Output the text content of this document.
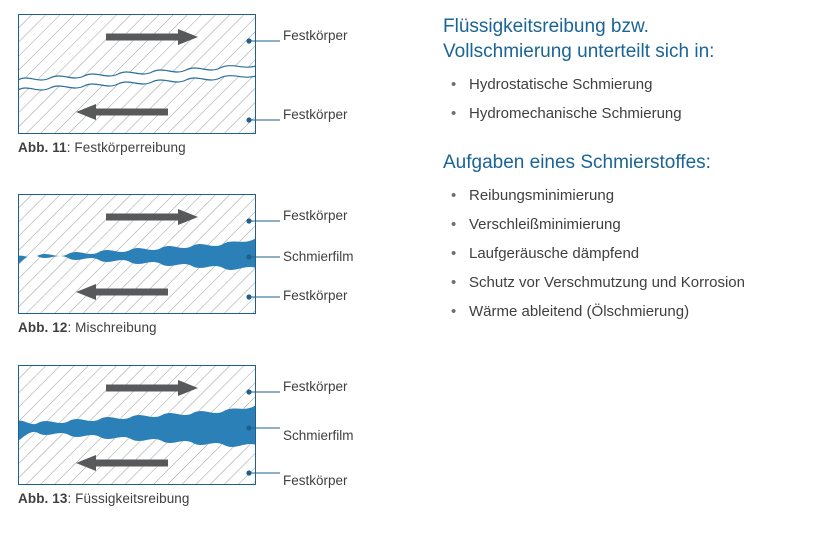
Abb. 11: Festkörperreibung
Festkörper
Festkörper
Abb. 12: Mischreibung
Festkörper
Schmierfilm
Festkörper
Abb. 13: Füssigkeitsreibung
Festkörper
Schmierfilm
Festkörper
Flüssigkeitsreibung bzw.
Vollschmierung unterteilt sich in:
• Hydrostatische Schmierung
• Hydromechanische Schmierung
Aufgaben eines Schmierstoffes:
• Reibungsminimierung
• Verschleißminimierung
• Laufgeräusche dämpfend
• Schutz vor Verschmutzung und Korrosion
• Wärme ableitend (Ölschmierung)
